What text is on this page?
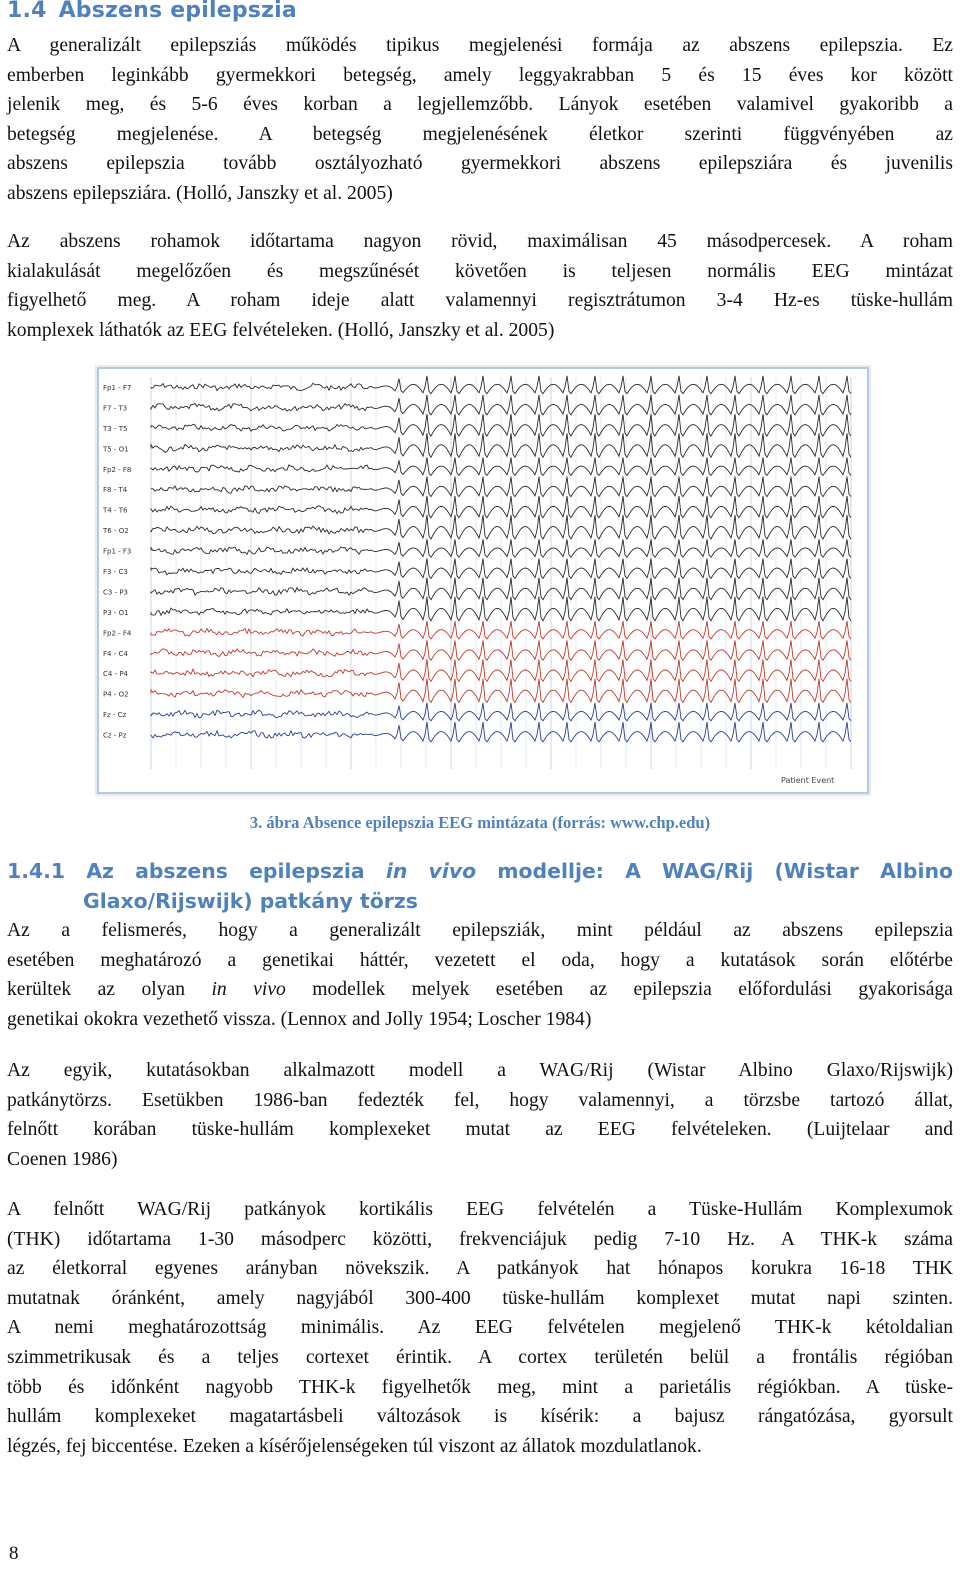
1.4 Abszens epilepszia
A generalizált epilepsziás működés tipikus megjelenési formája az abszens epilepszia. Ez
emberben leginkább gyermekkori betegség, amely leggyakrabban 5 és 15 éves kor között
jelenik meg, és 5-6 éves korban a legjellemzőbb. Lányok esetében valamivel gyakoribb a
betegség megjelenése. A betegség megjelenésének életkor szerinti függvényében az
abszens epilepszia tovább osztályozható gyermekkori abszens epilepsziára és juvenilis
abszens epilepsziára. (Holló, Janszky et al. 2005)
Az abszens rohamok időtartama nagyon rövid, maximálisan 45 másodpercesek. A roham
kialakulását megelőzően és megszűnését követően is teljesen normális EEG mintázat
figyelhető meg. A roham ideje alatt valamennyi regisztrátumon 3-4 Hz-es tüske-hullám
komplexek láthatók az EEG felvételeken. (Holló, Janszky et al. 2005)
Fp1 - F7
F7 - T3
T3 - T5
T5 - O1
Fp2 - F8
F8 - T4
T4 - T6
T6 - O2
Fp1 - F3
F3 - C3
C3 - P3
P3 - O1
Fp2 - F4
F4 - C4
C4 - P4
P4 - O2
Fz - Cz
Cz - Pz
Patient Event
3. ábra Absence epilepszia EEG mintázata (forrás: www.chp.edu)
1.4.1 Az abszens epilepszia in vivo modellje: A WAG/Rij (Wistar Albino
Glaxo/Rijswijk) patkány törzs
Az a felismerés, hogy a generalizált epilepsziák, mint például az abszens epilepszia
esetében meghatározó a genetikai háttér, vezetett el oda, hogy a kutatások során előtérbe
kerültek az olyan in vivo modellek melyek esetében az epilepszia előfordulási gyakorisága
genetikai okokra vezethető vissza. (Lennox and Jolly 1954; Loscher 1984)
Az egyik, kutatásokban alkalmazott modell a WAG/Rij (Wistar Albino Glaxo/Rijswijk)
patkánytörzs. Esetükben 1986-ban fedezték fel, hogy valamennyi, a törzsbe tartozó állat,
felnőtt korában tüske-hullám komplexeket mutat az EEG felvételeken. (Luijtelaar and
Coenen 1986)
A felnőtt WAG/Rij patkányok kortikális EEG felvételén a Tüske-Hullám Komplexumok
(THK) időtartama 1-30 másodperc közötti, frekvenciájuk pedig 7-10 Hz. A THK-k száma
az életkorral egyenes arányban növekszik. A patkányok hat hónapos korukra 16-18 THK
mutatnak óránként, amely nagyjából 300-400 tüske-hullám komplexet mutat napi szinten.
A nemi meghatározottság minimális. Az EEG felvételen megjelenő THK-k kétoldalian
szimmetrikusak és a teljes cortexet érintik. A cortex területén belül a frontális régióban
több és időnként nagyobb THK-k figyelhetők meg, mint a parietális régiókban. A tüske-
hullám komplexeket magatartásbeli változások is kísérik: a bajusz rángatózása, gyorsult
légzés, fej biccentése. Ezeken a kísérőjelenségeken túl viszont az állatok mozdulatlanok.
8
